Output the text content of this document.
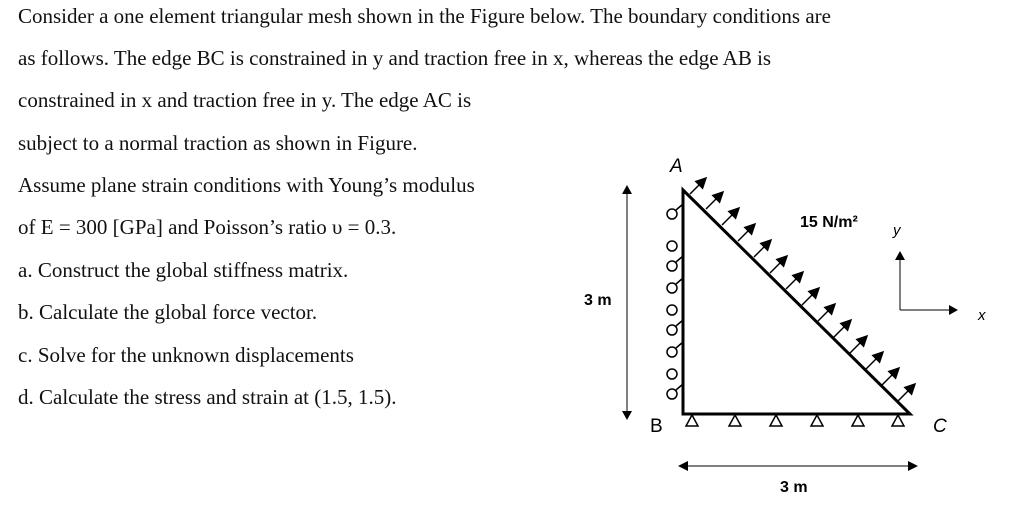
Consider a one element triangular mesh shown in the Figure below. The boundary conditions are
as follows. The edge BC is constrained in y and traction free in x, whereas the edge AB is
constrained in x and traction free in y. The edge AC is
subject to a normal traction as shown in Figure.
Assume plane strain conditions with Young’s modulus
of E = 300 [GPa] and Poisson’s ratio υ = 0.3.
a. Construct the global stiffness matrix.
b. Calculate the global force vector.
c. Solve for the unknown displacements
d. Calculate the stress and strain at (1.5, 1.5).
3 m
3 m
A
B	C
15 N/m² y
x
